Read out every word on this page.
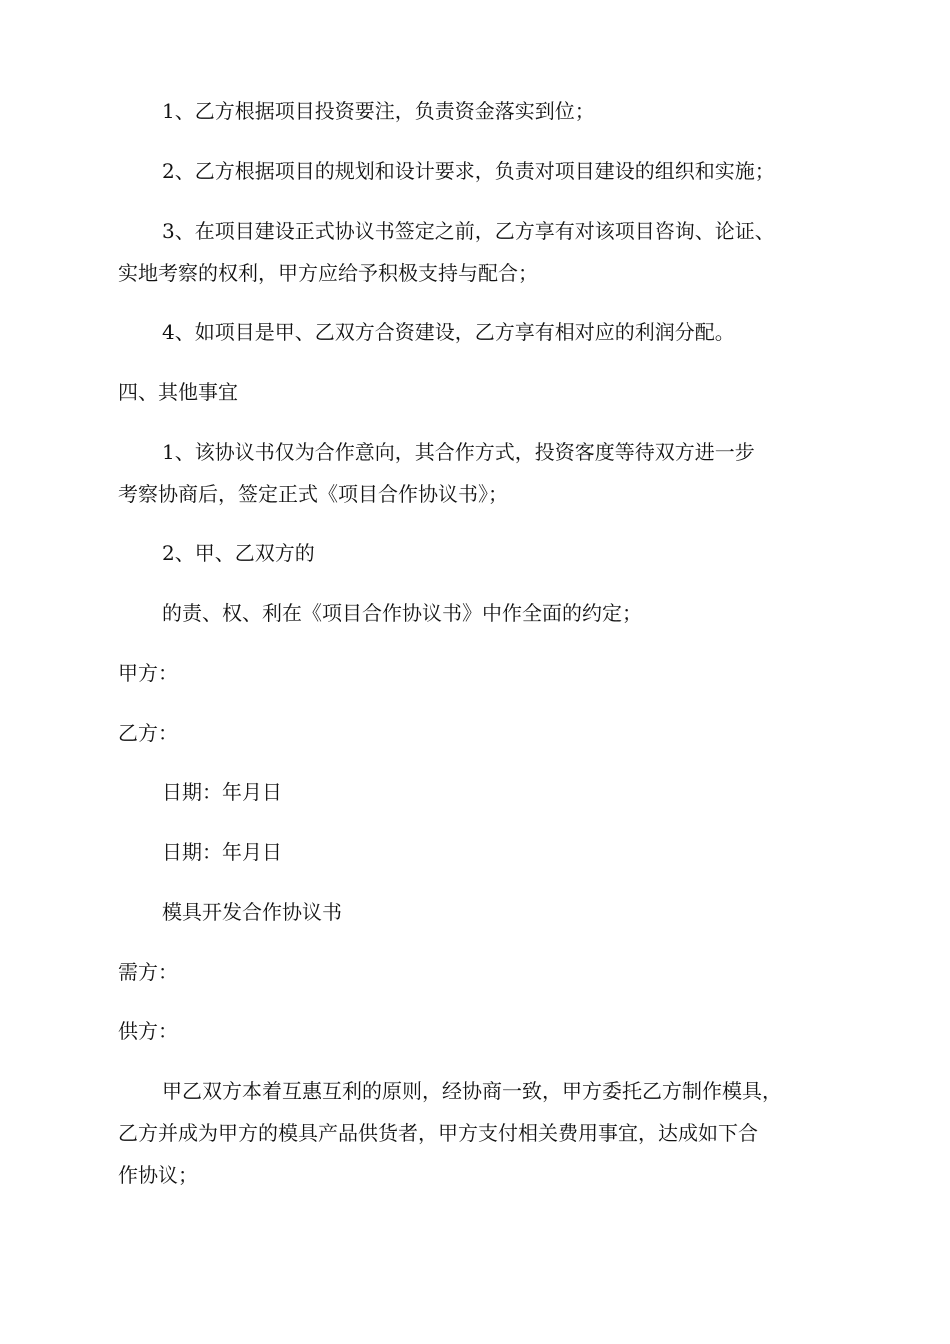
1、乙方根据项目投资要注，负责资金落实到位；
2、乙方根据项目的规划和设计要求，负责对项目建设的组织和实施；
3、在项目建设正式协议书签定之前，乙方享有对该项目咨询、论证、
实地考察的权利，甲方应给予积极支持与配合；
4、如项目是甲、乙双方合资建设，乙方享有相对应的利润分配。
四、其他事宜
1、该协议书仅为合作意向，其合作方式，投资客度等待双方进一步
考察协商后，签定正式《项目合作协议书》；
2、甲、乙双方的
的责、权、利在《项目合作协议书》中作全面的约定；
甲方：
乙方：
日期：年月日
日期：年月日
模具开发合作协议书
需方：
供方：
甲乙双方本着互惠互利的原则，经协商一致，甲方委托乙方制作模具，
乙方并成为甲方的模具产品供货者，甲方支付相关费用事宜，达成如下合
作协议；
